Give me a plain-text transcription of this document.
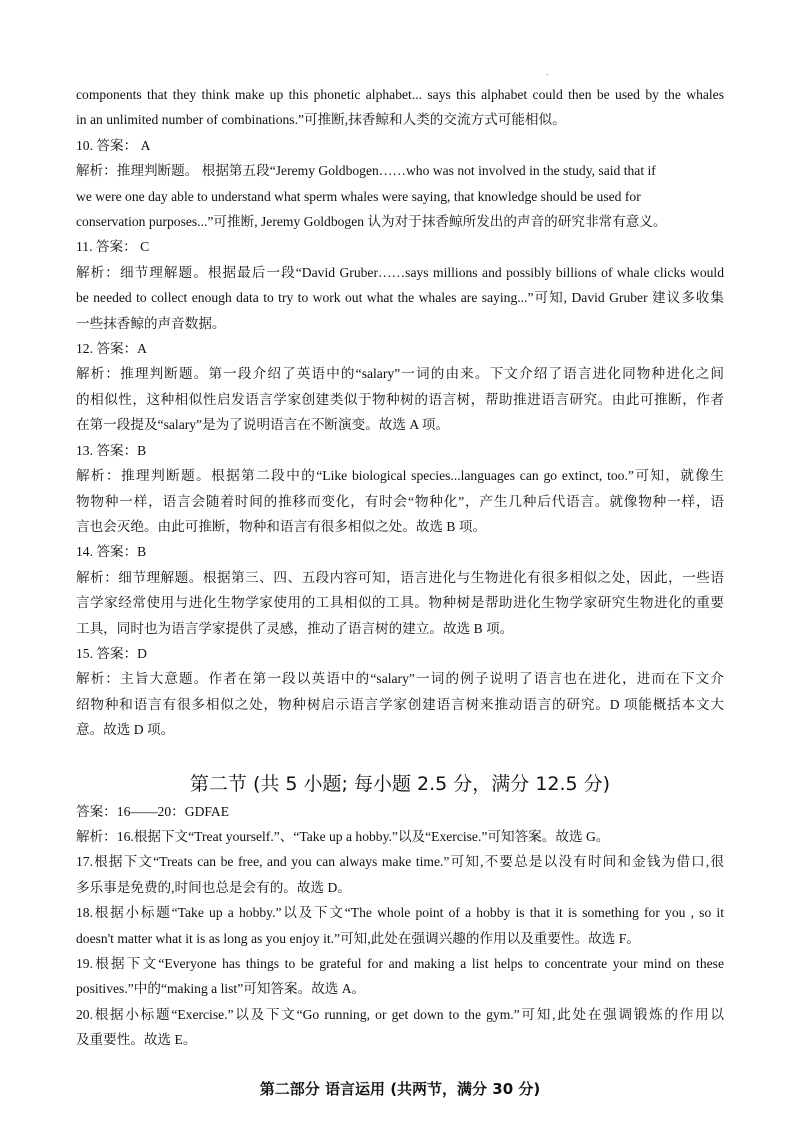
-

components that they think make up this phonetic alphabet... says this alphabet could then be used by the whales

in an unlimited number of combinations.”可推断,抹香鲸和人类的交流方式可能相似。

10. 答案： A

解析：推理判断题。 根据第五段“Jeremy Goldbogen……who was not involved in the study, said that if

we were one day able to understand what sperm whales were saying, that knowledge should be used for

conservation purposes...”可推断, Jeremy Goldbogen 认为对于抹香鲸所发出的声音的研究非常有意义。

11. 答案： C

解析：细节理解题。根据最后一段“David Gruber……says millions and possibly billions of whale clicks would

be needed to collect enough data to try to work out what the whales are saying...”可知, David Gruber 建议多收集

一些抹香鲸的声音数据。

12. 答案：A

解析：推理判断题。第一段介绍了英语中的“salary”一词的由来。下文介绍了语言进化同物种进化之间

的相似性，这种相似性启发语言学家创建类似于物种树的语言树，帮助推进语言研究。由此可推断，作者

在第一段提及“salary”是为了说明语言在不断演变。故选 A 项。

13. 答案：B

解析：推理判断题。根据第二段中的“Like biological species...languages can go extinct, too.”可知，就像生

物物种一样，语言会随着时间的推移而变化，有时会“物种化”，产生几种后代语言。就像物种一样，语

言也会灭绝。由此可推断，物种和语言有很多相似之处。故选 B 项。

14. 答案：B

解析：细节理解题。根据第三、四、五段内容可知，语言进化与生物进化有很多相似之处，因此，一些语

言学家经常使用与进化生物学家使用的工具相似的工具。物种树是帮助进化生物学家研究生物进化的重要

工具，同时也为语言学家提供了灵感，推动了语言树的建立。故选 B 项。

15. 答案：D

解析：主旨大意题。作者在第一段以英语中的“salary”一词的例子说明了语言也在进化，进而在下文介

绍物种和语言有很多相似之处，物种树启示语言学家创建语言树来推动语言的研究。D 项能概括本文大

意。故选 D 项。

第二节 (共 5 小题; 每小题 2.5 分，满分 12.5 分)

答案：16——20：GDFAE

解析：16.根据下文“Treat yourself.”、“Take up a hobby.”以及“Exercise.”可知答案。故选 G。

17.根据下文“Treats can be free, and you can always make time.”可知,不要总是以没有时间和金钱为借口,很

多乐事是免费的,时间也总是会有的。故选 D。

18.根据小标题“Take up a hobby.”以及下文“The whole point of a hobby is that it is something for you , so it

doesn't matter what it is as long as you enjoy it.”可知,此处在强调兴趣的作用以及重要性。故选 F。

19.根据下文“Everyone has things to be grateful for and making a list helps to concentrate your mind on these

positives.”中的“making a list”可知答案。故选 A。

20.根据小标题“Exercise.”以及下文“Go running, or get down to the gym.”可知,此处在强调锻炼的作用以

及重要性。故选 E。

第二部分 语言运用 (共两节，满分 30 分)
